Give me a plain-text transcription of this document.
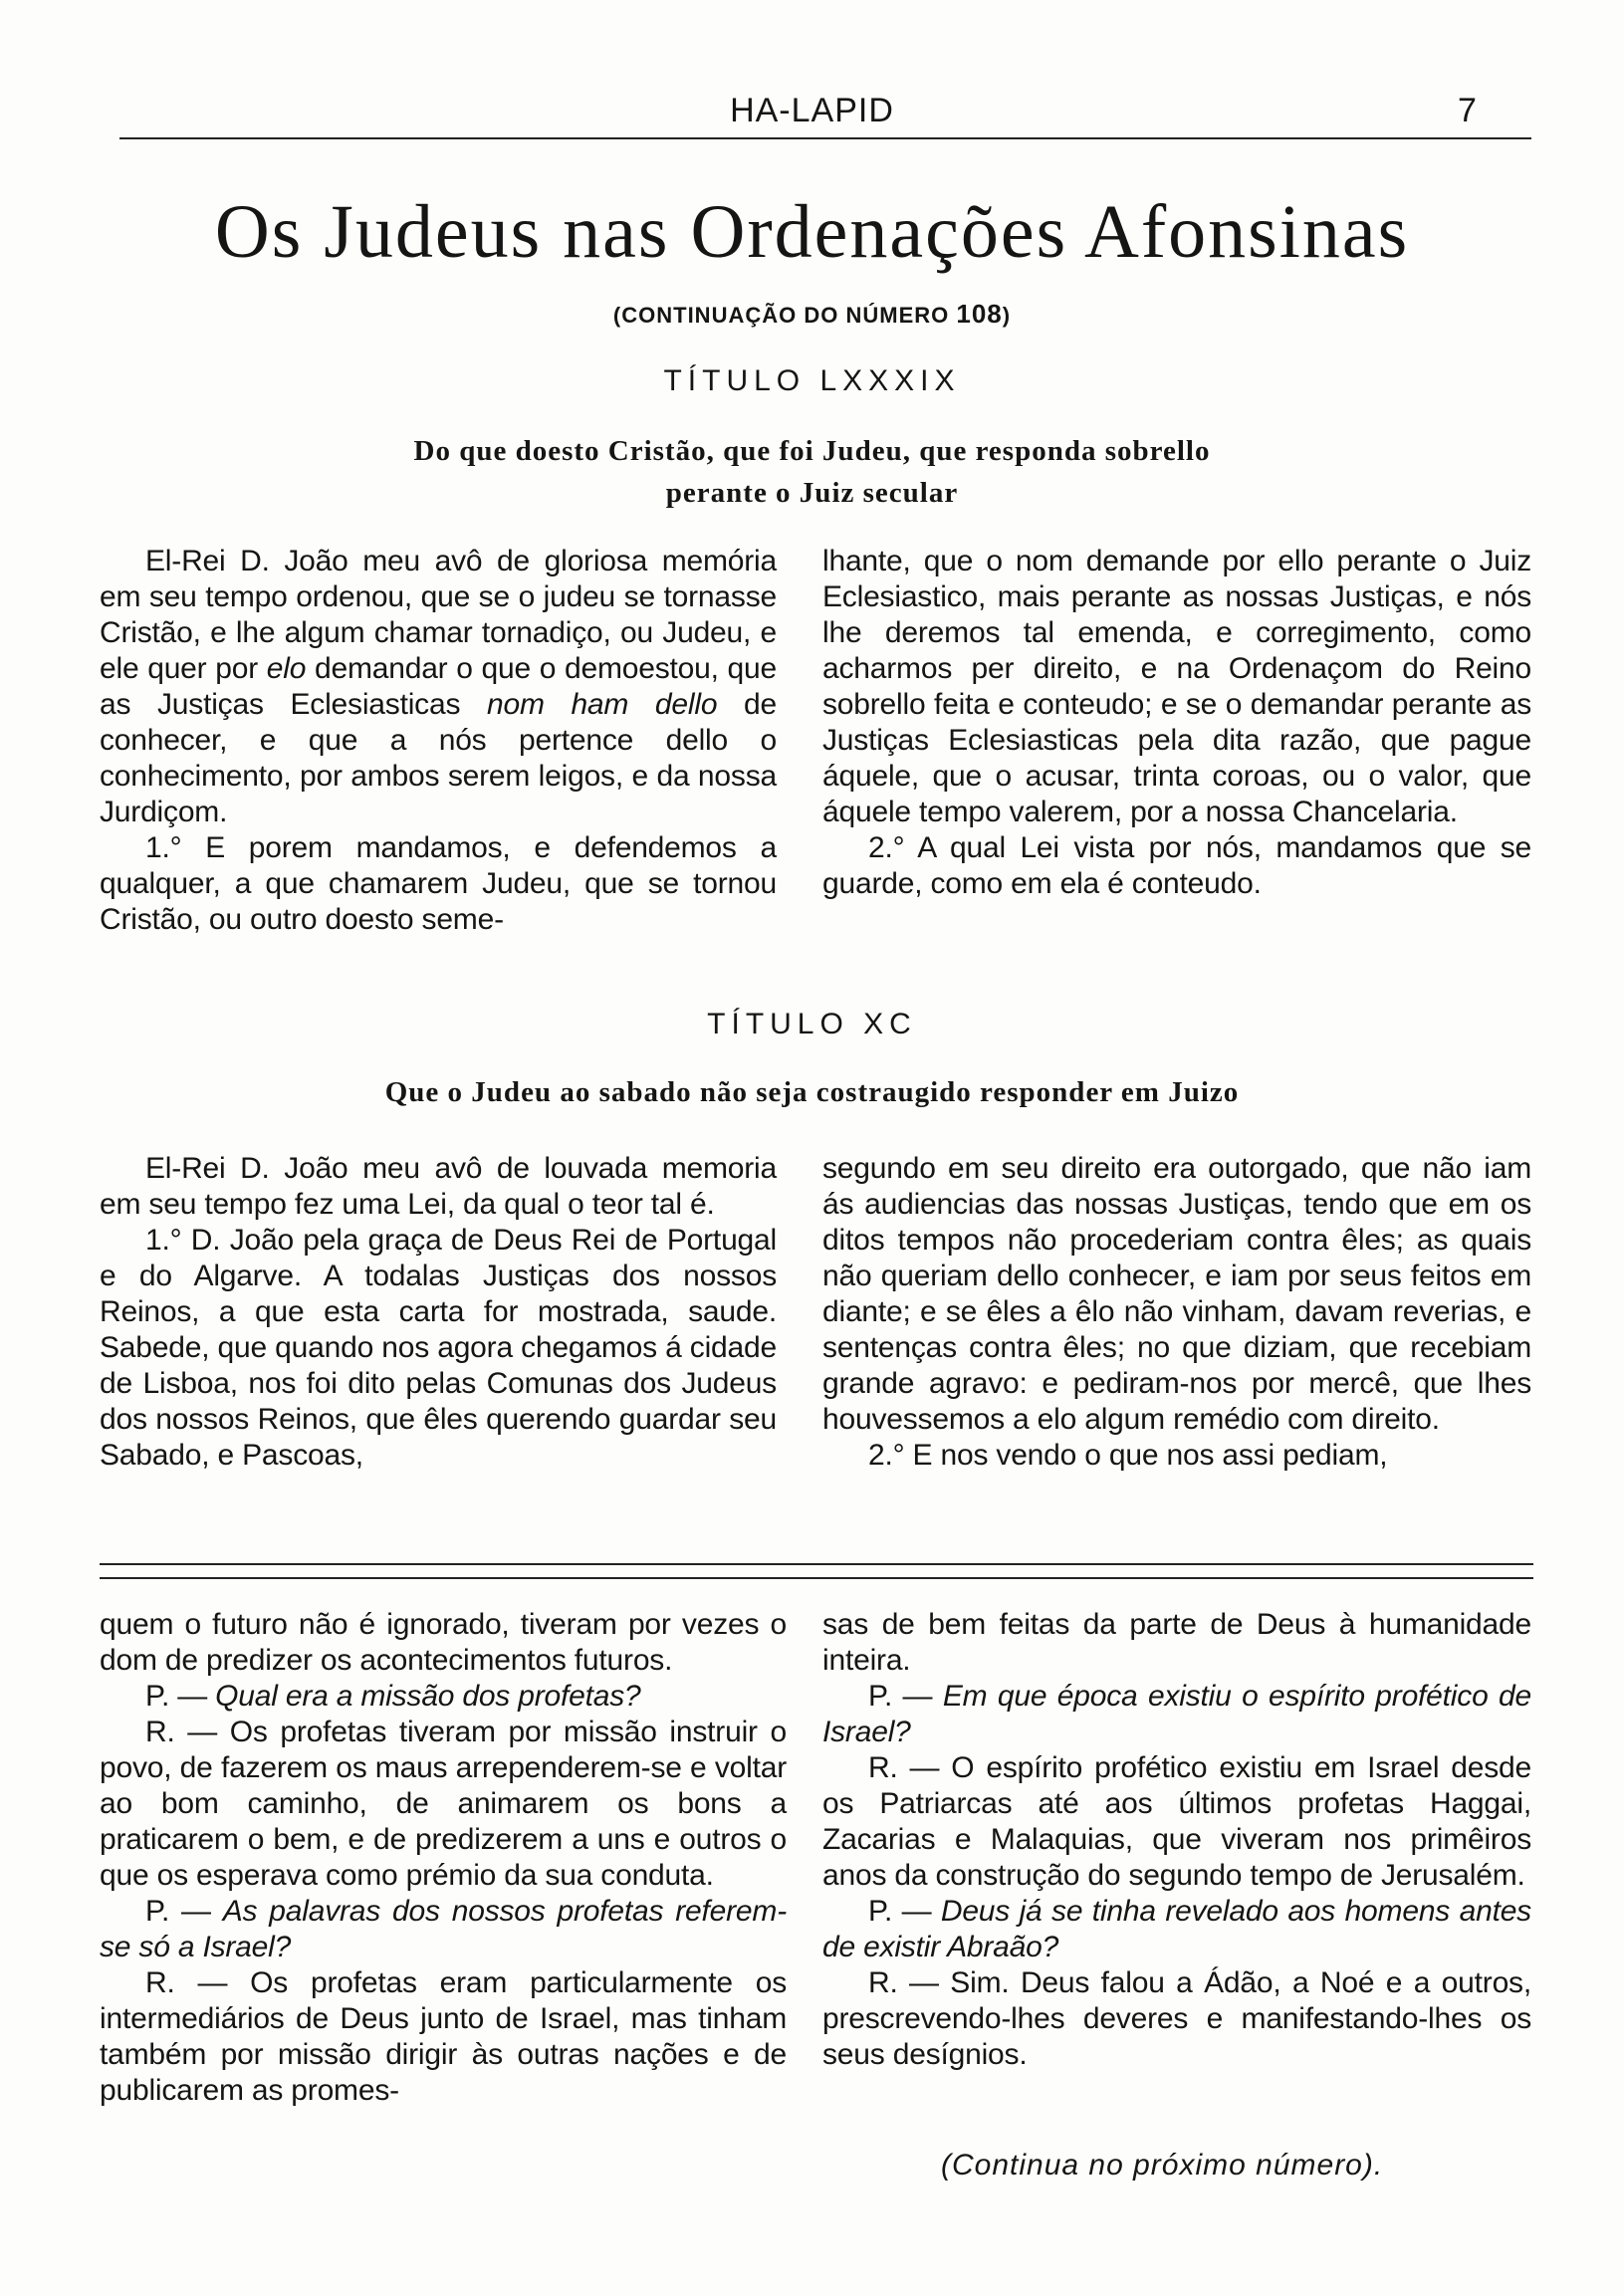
HA-LAPID	7
Os Judeus nas Ordenações Afonsinas
(CONTINUAÇÃO DO NÚMERO 108)
TÍTULO LXXXIX
Do que doesto Cristão, que foi Judeu, que responda sobrello
perante o Juiz secular

El-Rei D. João meu avô de gloriosa memória em seu tempo ordenou, que se o judeu se tornasse Cristão, e lhe algum chamar tornadiço, ou Judeu, e ele quer por elo demandar o que o demoestou, que as Justiças Eclesiasticas nom ham dello de conhecer, e que a nós pertence dello o conhecimento, por ambos serem leigos, e da nossa Jurdiçom.

1.° E porem mandamos, e defendemos a qualquer, a que chamarem Judeu, que se tornou Cristão, ou outro doesto seme-

lhante, que o nom demande por ello perante o Juiz Eclesiastico, mais perante as nossas Justiças, e nós lhe deremos tal emenda, e corregimento, como acharmos per direito, e na Ordenaçom do Reino sobrello feita e conteudo; e se o demandar perante as Justiças Eclesiasticas pela dita razão, que pague áquele, que o acusar, trinta coroas, ou o valor, que áquele tempo valerem, por a nossa Chancelaria.

2.° A qual Lei vista por nós, mandamos que se guarde, como em ela é conteudo.

TÍTULO XC
Que o Judeu ao sabado não seja costraugido responder em Juizo

El-Rei D. João meu avô de louvada memoria em seu tempo fez uma Lei, da qual o teor tal é.

1.° D. João pela graça de Deus Rei de Portugal e do Algarve. A todalas Justiças dos nossos Reinos, a que esta carta for mostrada, saude. Sabede, que quando nos agora chegamos á cidade de Lisboa, nos foi dito pelas Comunas dos Judeus dos nossos Reinos, que êles querendo guardar seu Sabado, e Pascoas,

segundo em seu direito era outorgado, que não iam ás audiencias das nossas Justiças, tendo que em os ditos tempos não procederiam contra êles; as quais não queriam dello conhecer, e iam por seus feitos em diante; e se êles a êlo não vinham, davam reverias, e sentenças contra êles; no que diziam, que recebiam grande agravo: e pediram-nos por mercê, que lhes houvessemos a elo algum remédio com direito.

2.° E nos vendo o que nos assi pediam,

quem o futuro não é ignorado, tiveram por vezes o dom de predizer os acontecimentos futuros.

P. — Qual era a missão dos profetas?

R. — Os profetas tiveram por missão instruir o povo, de fazerem os maus arrependerem-se e voltar ao bom caminho, de animarem os bons a praticarem o bem, e de predizerem a uns e outros o que os esperava como prémio da sua conduta.

P. — As palavras dos nossos profetas referem-se só a Israel?

R. — Os profetas eram particularmente os intermediários de Deus junto de Israel, mas tinham também por missão dirigir às outras nações e de publicarem as promes-

sas de bem feitas da parte de Deus à humanidade inteira.

P. — Em que época existiu o espírito profético de Israel?

R. — O espírito profético existiu em Israel desde os Patriarcas até aos últimos profetas Haggai, Zacarias e Malaquias, que viveram nos primêiros anos da construção do segundo tempo de Jerusalém.

P. — Deus já se tinha revelado aos homens antes de existir Abraão?

R. — Sim. Deus falou a Ádão, a Noé e a outros, prescrevendo-lhes deveres e manifestando-lhes os seus desígnios.

(Continua no próximo número).
